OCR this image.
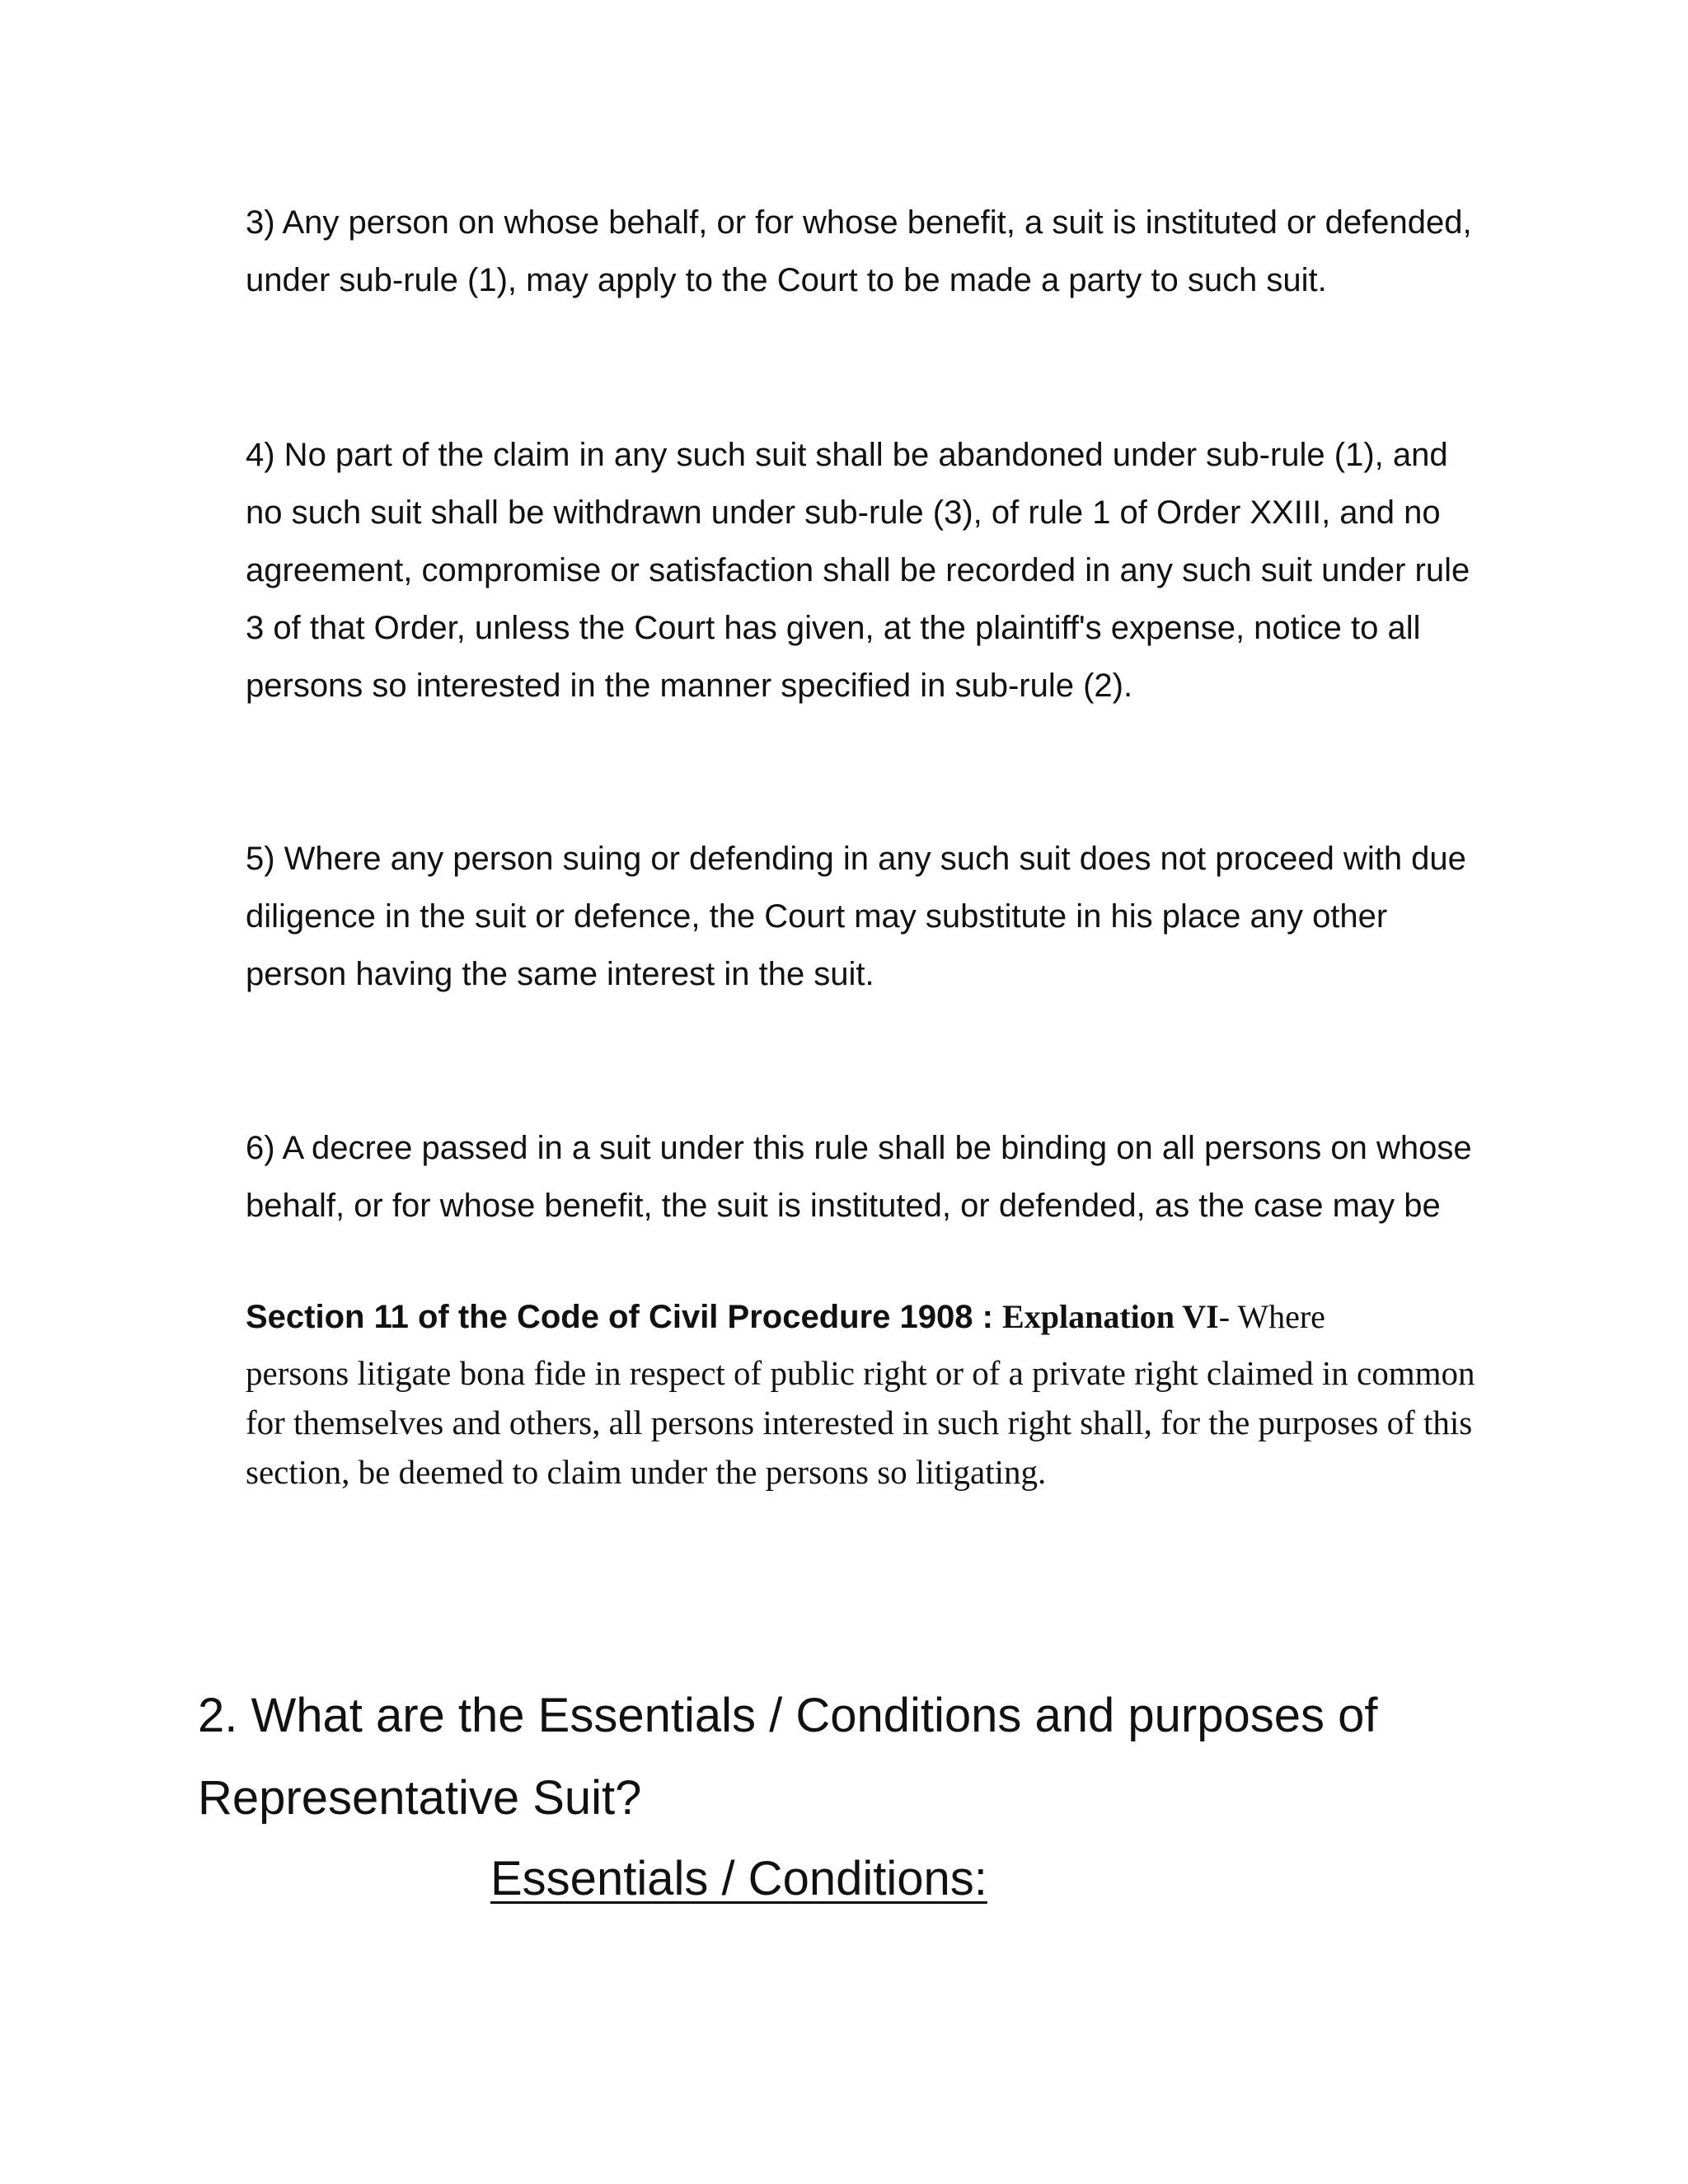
3) Any person on whose behalf, or for whose benefit, a suit is instituted or defended, under sub-rule (1), may apply to the Court to be made a party to such suit.

4) No part of the claim in any such suit shall be abandoned under sub-rule (1), and no such suit shall be withdrawn under sub-rule (3), of rule 1 of Order XXIII, and no agreement, compromise or satisfaction shall be recorded in any such suit under rule 3 of that Order, unless the Court has given, at the plaintiff's expense, notice to all persons so interested in the manner specified in sub-rule (2).

5) Where any person suing or defending in any such suit does not proceed with due diligence in the suit or defence, the Court may substitute in his place any other person having the same interest in the suit.

6) A decree passed in a suit under this rule shall be binding on all persons on whose behalf, or for whose benefit, the suit is instituted, or defended, as the case may be

Section 11 of the Code of Civil Procedure 1908 : Explanation VI- Where

persons litigate bona fide in respect of public right or of a private right claimed in common for themselves and others, all persons interested in such right shall, for the purposes of this section, be deemed to claim under the persons so litigating.

2. What are the Essentials / Conditions and purposes of Representative Suit?
Essentials / Conditions:
